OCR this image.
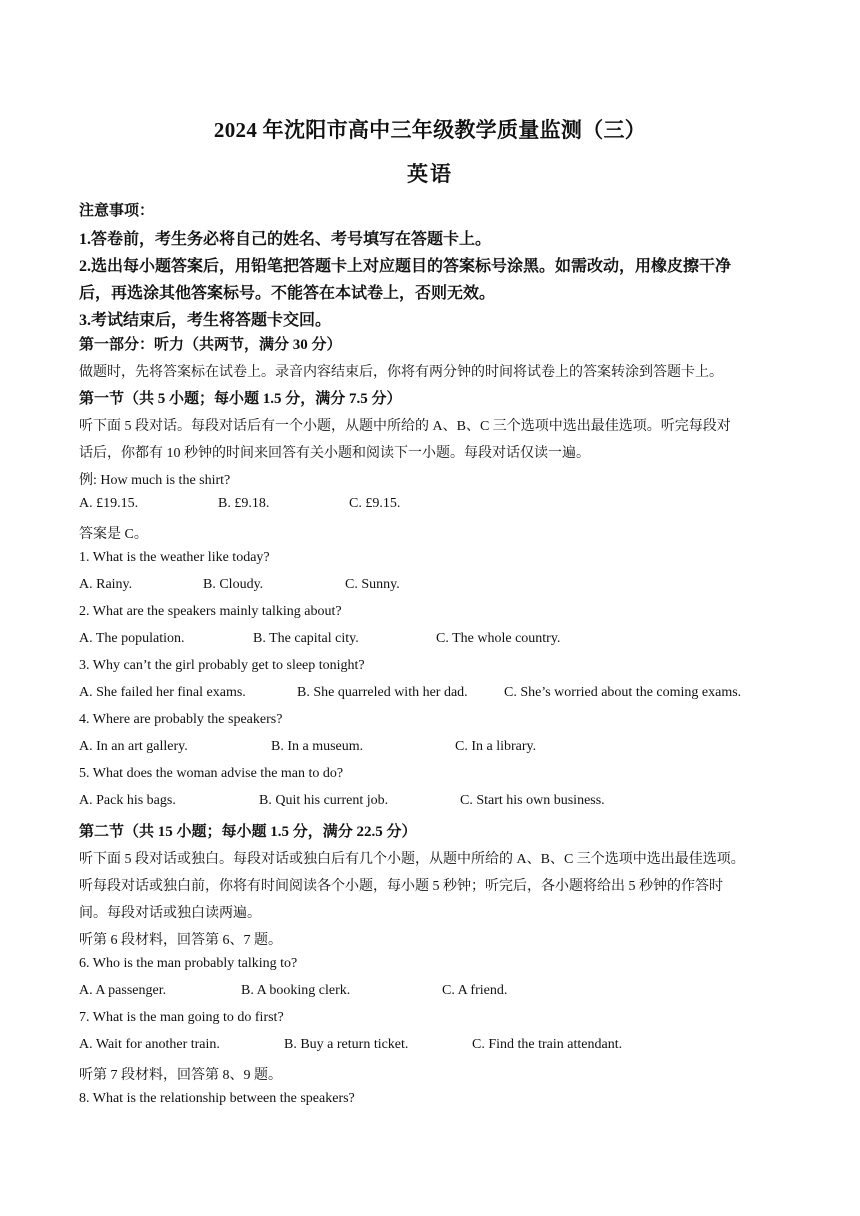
2024 年沈阳市高中三年级教学质量监测（三）
英语
注意事项：
1.答卷前，考生务必将自己的姓名、考号填写在答题卡上。
2.选出每小题答案后，用铅笔把答题卡上对应题目的答案标号涂黑。如需改动，用橡皮擦干净
后，再选涂其他答案标号。不能答在本试卷上，否则无效。
3.考试结束后，考生将答题卡交回。
第一部分：听力（共两节，满分 30 分）
做题时，先将答案标在试卷上。录音内容结束后，你将有两分钟的时间将试卷上的答案转涂到答题卡上。
第一节（共 5 小题；每小题 1.5 分，满分 7.5 分）
听下面 5 段对话。每段对话后有一个小题，从题中所给的 A、B、C 三个选项中选出最佳选项。听完每段对
话后，你都有 10 秒钟的时间来回答有关小题和阅读下一小题。每段对话仅读一遍。
例: How much is the shirt?
A. £19.15.	B. £9.18.	C. £9.15.
答案是 C。
1. What is the weather like today?
A. Rainy.	B. Cloudy.	C. Sunny.
2. What are the speakers mainly talking about?
A. The population.	B. The capital city.	C. The whole country.
3. Why can’t the girl probably get to sleep tonight?
A. She failed her final exams.	B. She quarreled with her dad.	C. She’s worried about the coming exams.
4. Where are probably the speakers?
A. In an art gallery.	B. In a museum.	C. In a library.
5. What does the woman advise the man to do?
A. Pack his bags.	B. Quit his current job.	C. Start his own business.
第二节（共 15 小题；每小题 1.5 分，满分 22.5 分）
听下面 5 段对话或独白。每段对话或独白后有几个小题，从题中所给的 A、B、C 三个选项中选出最佳选项。
听每段对话或独白前，你将有时间阅读各个小题，每小题 5 秒钟；听完后，各小题将给出 5 秒钟的作答时
间。每段对话或独白读两遍。
听第 6 段材料，回答第 6、7 题。
6. Who is the man probably talking to?
A. A passenger.	B. A booking clerk.	C. A friend.
7. What is the man going to do first?
A. Wait for another train.	B. Buy a return ticket.	C. Find the train attendant.
听第 7 段材料，回答第 8、9 题。
8. What is the relationship between the speakers?
